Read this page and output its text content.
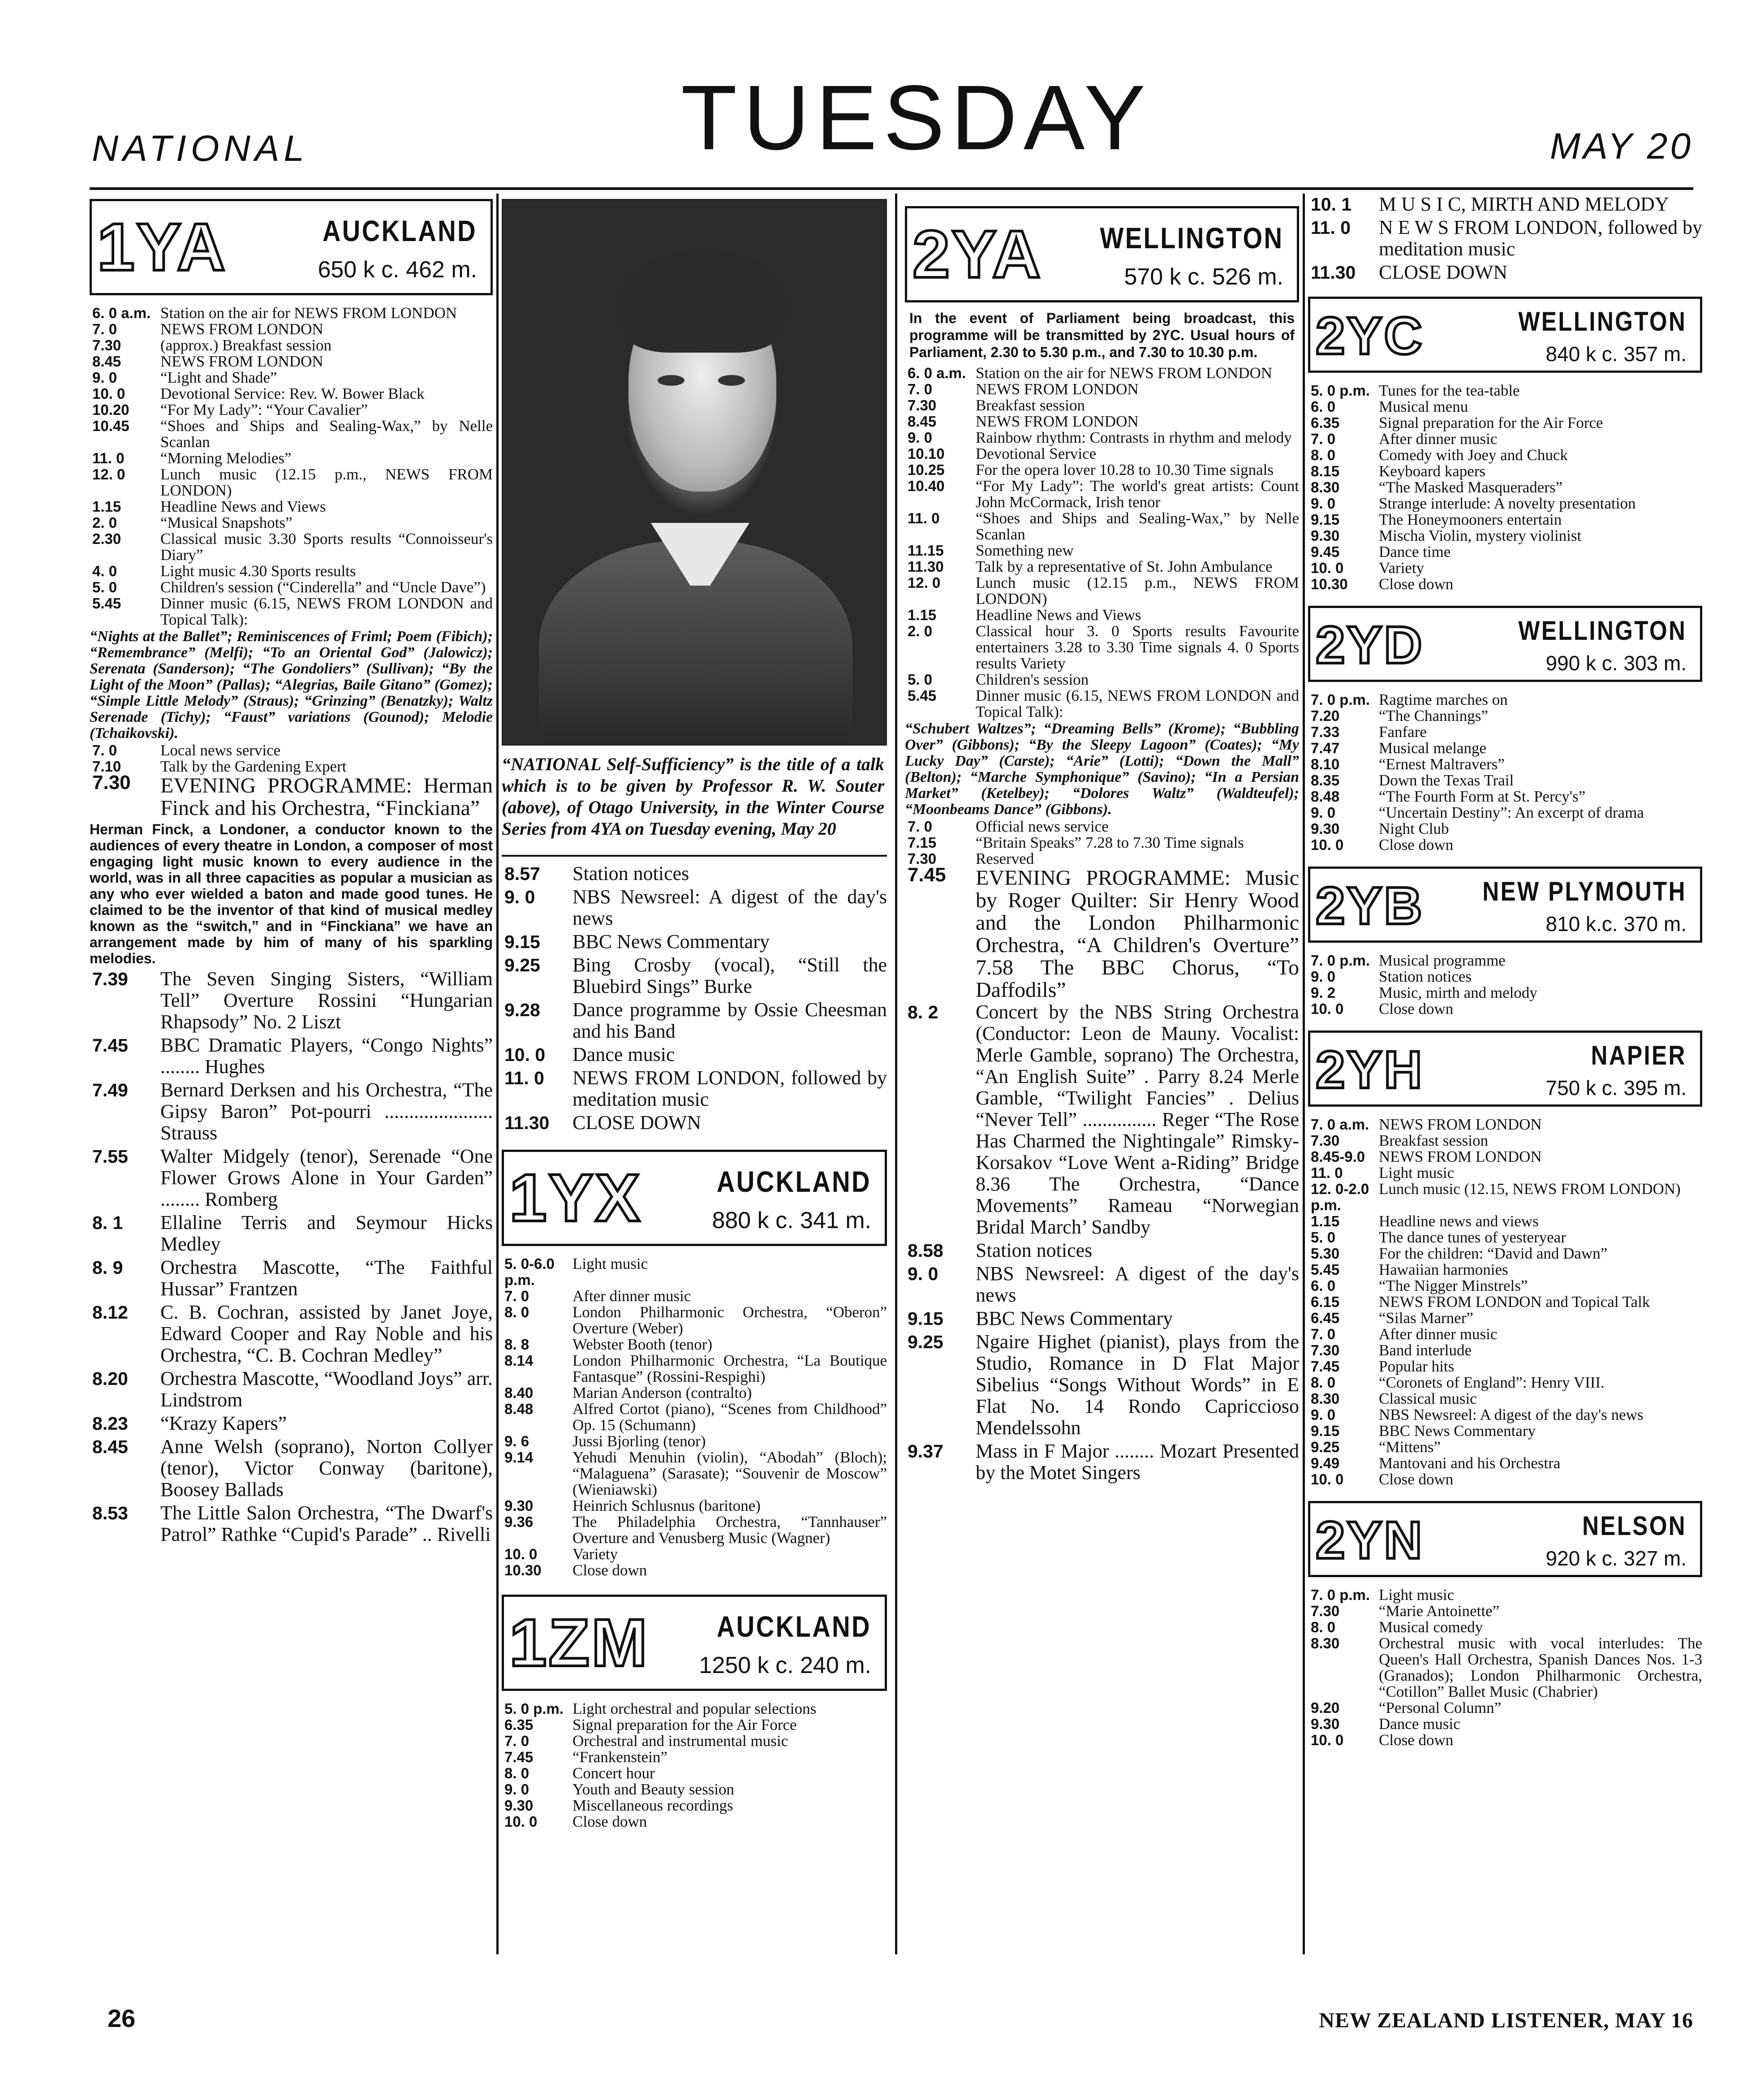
NATIONAL	TUESDAY	MAY 20
1YA	AUCKLAND
650 k c. 462 m.
6. 0 a.m. Station on the air for NEWS FROM LONDON
7. 0	NEWS FROM LONDON
7.30	(approx.) Breakfast session
8.45	NEWS FROM LONDON
9. 0	“Light and Shade”
10. 0	Devotional Service: Rev. W. Bower Black
10.20	“For My Lady”: “Your Cavalier”
10.45	“Shoes and Ships and Sealing-Wax,” by Nelle Scanlan
11. 0	“Morning Melodies”
12. 0	Lunch music (12.15 p.m., NEWS FROM LONDON)
1.15	Headline News and Views
2. 0	“Musical Snapshots”
2.30	Classical music 3.30 Sports results “Connoisseur's Diary”
4. 0	Light music 4.30 Sports results
5. 0	Children's session (“Cinderella” and “Uncle Dave”)
5.45	Dinner music (6.15, NEWS FROM LONDON and Topical Talk):
“Nights at the Ballet”; Reminiscences of Friml; Poem (Fibich); “Remembrance” (Melfi); “To an Oriental God” (Jalowicz); Serenata (Sanderson); “The Gondoliers” (Sullivan); “By the Light of the Moon” (Pallas); “Alegrias, Baile Gitano” (Gomez); “Simple Little Melody” (Straus); “Grinzing” (Benatzky); Waltz Serenade (Tichy); “Faust” variations (Gounod); Melodie (Tchaikovski).
7. 0	Local news service
7.10	Talk by the Gardening Expert
7.30	EVENING PROGRAMME: Herman Finck and his Orchestra, “Finckiana”
Herman Finck, a Londoner, a conductor known to the audiences of every theatre in London, a composer of most engaging light music known to every audience in the world, was in all three capacities as popular a musician as any who ever wielded a baton and made good tunes. He claimed to be the inventor of that kind of musical medley known as the “switch,” and in “Finckiana” we have an arrangement made by him of many of his sparkling melodies.
7.39	The Seven Singing Sisters, “William Tell” Overture Rossini “Hungarian Rhapsody” No. 2 Liszt
7.45	BBC Dramatic Players, “Congo Nights” ........ Hughes
7.49	Bernard Derksen and his Orchestra, “The Gipsy Baron” Pot-pourri ...................... Strauss
7.55	Walter Midgely (tenor), Serenade “One Flower Grows Alone in Your Garden” ........ Romberg
8. 1	Ellaline Terris and Seymour Hicks Medley
8. 9	Orchestra Mascotte, “The Faithful Hussar” Frantzen
8.12	C. B. Cochran, assisted by Janet Joye, Edward Cooper and Ray Noble and his Orchestra, “C. B. Cochran Medley”
8.20	Orchestra Mascotte, “Woodland Joys” arr. Lindstrom
8.23	“Krazy Kapers”
8.45	Anne Welsh (soprano), Norton Collyer (tenor), Victor Conway (baritone), Boosey Ballads
8.53	The Little Salon Orchestra, “The Dwarf's Patrol” Rathke “Cupid's Parade” .. Rivelli
“NATIONAL Self-Sufficiency” is the title of a talk which is to be given by Professor R. W. Souter (above), of Otago University, in the Winter Course Series from 4YA on Tuesday evening, May 20
8.57	Station notices
9. 0	NBS Newsreel: A digest of the day's news
9.15	BBC News Commentary
9.25	Bing Crosby (vocal), “Still the Bluebird Sings” Burke
9.28	Dance programme by Ossie Cheesman and his Band
10. 0	Dance music
11. 0	NEWS FROM LONDON, followed by meditation music
11.30	CLOSE DOWN
1YX	AUCKLAND
880 k c. 341 m.
5. 0-6.0 p.m.
Light music
7. 0	After dinner music
8. 0	London Philharmonic Orchestra, “Oberon” Overture (Weber)
8. 8	Webster Booth (tenor)
8.14	London Philharmonic Orchestra, “La Boutique Fantasque” (Rossini-Respighi)
8.40	Marian Anderson (contralto)
8.48	Alfred Cortot (piano), “Scenes from Childhood” Op. 15 (Schumann)
9. 6	Jussi Bjorling (tenor)
9.14	Yehudi Menuhin (violin), “Abodah” (Bloch); “Malaguena” (Sarasate); “Souvenir de Moscow” (Wieniawski)
9.30	Heinrich Schlusnus (baritone)
9.36	The Philadelphia Orchestra, “Tannhauser” Overture and Venusberg Music (Wagner)
10. 0	Variety
10.30	Close down
1ZM AUCKLAND
1250 k c. 240 m.
5. 0 p.m. Light orchestral and popular selections
6.35	Signal preparation for the Air Force
7. 0	Orchestral and instrumental music
7.45	“Frankenstein”
8. 0	Concert hour
9. 0	Youth and Beauty session
9.30	Miscellaneous recordings
10. 0	Close down
2YA WELLINGTON
570 k c. 526 m.
In the event of Parliament being broadcast, this programme will be transmitted by 2YC. Usual hours of Parliament, 2.30 to 5.30 p.m., and 7.30 to 10.30 p.m.
6. 0 a.m. Station on the air for NEWS FROM LONDON
7. 0	NEWS FROM LONDON
7.30	Breakfast session
8.45	NEWS FROM LONDON
9. 0	Rainbow rhythm: Contrasts in rhythm and melody
10.10	Devotional Service
10.25	For the opera lover 10.28 to 10.30 Time signals
10.40	“For My Lady”: The world's great artists: Count John McCormack, Irish tenor
11. 0	“Shoes and Ships and Sealing-Wax,” by Nelle Scanlan
11.15	Something new
11.30	Talk by a representative of St. John Ambulance
12. 0	Lunch music (12.15 p.m., NEWS FROM LONDON)
1.15	Headline News and Views
2. 0	Classical hour 3. 0 Sports results Favourite entertainers 3.28 to 3.30 Time signals 4. 0 Sports results Variety
5. 0	Children's session
5.45	Dinner music (6.15, NEWS FROM LONDON and Topical Talk):
“Schubert Waltzes”; “Dreaming Bells” (Krome); “Bubbling Over” (Gibbons); “By the Sleepy Lagoon” (Coates); “My Lucky Day” (Carste); “Arie” (Lotti); “Down the Mall” (Belton); “Marche Symphonique” (Savino); “In a Persian Market” (Ketelbey); “Dolores Waltz” (Waldteufel); “Moonbeams Dance” (Gibbons).
7. 0	Official news service
7.15	“Britain Speaks” 7.28 to 7.30 Time signals
7.30	Reserved
7.45	EVENING PROGRAMME: Music by Roger Quilter: Sir Henry Wood and the London Philharmonic Orchestra, “A Children's Overture” 7.58 The BBC Chorus, “To Daffodils”
8. 2	Concert by the NBS String Orchestra (Conductor: Leon de Mauny. Vocalist: Merle Gamble, soprano) The Orchestra, “An English Suite” . Parry 8.24 Merle Gamble, “Twilight Fancies” . Delius “Never Tell” ............... Reger “The Rose Has Charmed the Nightingale” Rimsky-Korsakov “Love Went a-Riding” Bridge 8.36 The Orchestra, “Dance Movements” Rameau “Norwegian Bridal March’ Sandby
8.58	Station notices
9. 0	NBS Newsreel: A digest of the day's news
9.15	BBC News Commentary
9.25	Ngaire Highet (pianist), plays from the Studio, Romance in D Flat Major Sibelius “Songs Without Words” in E Flat No. 14 Rondo Capriccioso Mendelssohn
9.37	Mass in F Major ........ Mozart Presented by the Motet Singers
10. 1	M U S I C, MIRTH AND MELODY
11. 0	N E W S FROM LONDON, followed by meditation music
11.30	CLOSE DOWN
2YC	WELLINGTON
840 k c. 357 m.
5. 0 p.m. Tunes for the tea-table
6. 0	Musical menu
6.35	Signal preparation for the Air Force
7. 0	After dinner music
8. 0	Comedy with Joey and Chuck
8.15	Keyboard kapers
8.30	“The Masked Masqueraders”
9. 0	Strange interlude: A novelty presentation
9.15	The Honeymooners entertain
9.30	Mischa Violin, mystery violinist
9.45	Dance time
10. 0	Variety
10.30	Close down
2YD	WELLINGTON
990 k c. 303 m.
7. 0 p.m. Ragtime marches on
7.20	“The Channings”
7.33	Fanfare
7.47	Musical melange
8.10	“Ernest Maltravers”
8.35	Down the Texas Trail
8.48	“The Fourth Form at St. Percy's”
9. 0	“Uncertain Destiny”: An excerpt of drama
9.30	Night Club
10. 0	Close down
2YB NEW PLYMOUTH
810 k.c. 370 m.
7. 0 p.m. Musical programme
9. 0	Station notices
9. 2	Music, mirth and melody
10. 0	Close down
2YH	NAPIER
750 k c. 395 m.
7. 0 a.m. NEWS FROM LONDON
7.30	Breakfast session
8.45-9.0 NEWS FROM LONDON
11. 0	Light music
12. 0-2.0 p.m.
Lunch music (12.15, NEWS FROM LONDON)
1.15	Headline news and views
5. 0	The dance tunes of yesteryear
5.30	For the children: “David and Dawn”
5.45	Hawaiian harmonies
6. 0	“The Nigger Minstrels”
6.15	NEWS FROM LONDON and Topical Talk
6.45	“Silas Marner”
7. 0	After dinner music
7.30	Band interlude
7.45	Popular hits
8. 0	“Coronets of England”: Henry VIII.
8.30	Classical music
9. 0	NBS Newsreel: A digest of the day's news
9.15	BBC News Commentary
9.25	“Mittens”
9.49	Mantovani and his Orchestra
10. 0	Close down
2YN	NELSON
920 k c. 327 m.
7. 0 p.m. Light music
7.30	“Marie Antoinette”
8. 0	Musical comedy
8.30	Orchestral music with vocal interludes: The Queen's Hall Orchestra, Spanish Dances Nos. 1-3 (Granados); London Philharmonic Orchestra, “Cotillon” Ballet Music (Chabrier)
9.20	“Personal Column”
9.30	Dance music
10. 0	Close down
26	NEW ZEALAND LISTENER, MAY 16
